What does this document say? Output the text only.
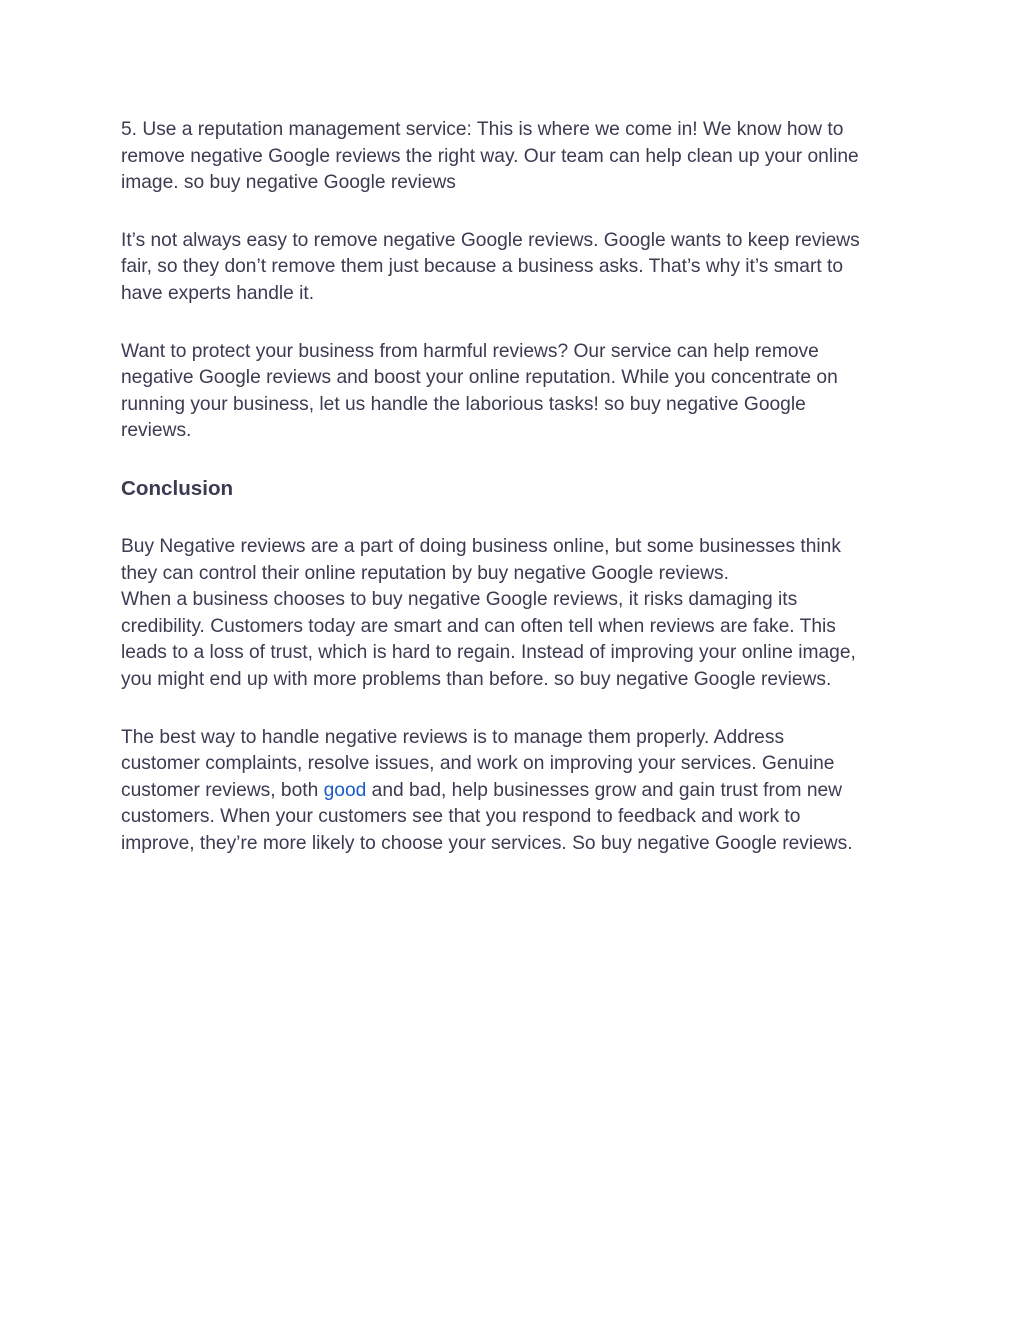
5. Use a reputation management service: This is where we come in! We know how to
remove negative Google reviews the right way. Our team can help clean up your online
image. so buy negative Google reviews

It’s not always easy to remove negative Google reviews. Google wants to keep reviews
fair, so they don’t remove them just because a business asks. That’s why it’s smart to
have experts handle it.

Want to protect your business from harmful reviews? Our service can help remove
negative Google reviews and boost your online reputation. While you concentrate on
running your business, let us handle the laborious tasks! so buy negative Google
reviews.

Conclusion

Buy Negative reviews are a part of doing business online, but some businesses think
they can control their online reputation by buy negative Google reviews.
When a business chooses to buy negative Google reviews, it risks damaging its
credibility. Customers today are smart and can often tell when reviews are fake. This
leads to a loss of trust, which is hard to regain. Instead of improving your online image,
you might end up with more problems than before. so buy negative Google reviews.

The best way to handle negative reviews is to manage them properly. Address
customer complaints, resolve issues, and work on improving your services. Genuine
customer reviews, both good and bad, help businesses grow and gain trust from new
customers. When your customers see that you respond to feedback and work to
improve, they’re more likely to choose your services. So buy negative Google reviews.
